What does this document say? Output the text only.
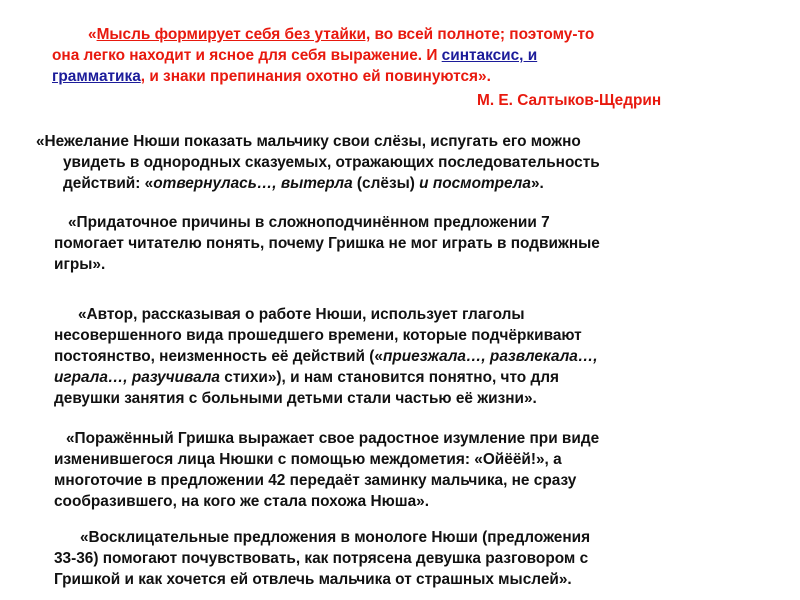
«Мысль формирует себя без утайки, во всей полноте; поэтому-то
она легко находит и ясное для себя выражение. И синтаксис, и
грамматика, и знаки препинания охотно ей повинуются».
М. Е. Салтыков-Щедрин
«Нежелание Нюши показать мальчику свои слёзы, испугать его можно
увидеть в однородных сказуемых, отражающих последовательность
действий: «отвернулась…, вытерла (слёзы) и посмотрела».
«Придаточное причины в сложноподчинённом предложении 7
помогает читателю понять, почему Гришка не мог играть в подвижные
игры».
«Автор, рассказывая о работе Нюши, использует глаголы
несовершенного вида прошедшего времени, которые подчёркивают
постоянство, неизменность её действий («приезжала…, развлекала…,
играла…, разучивала стихи»), и нам становится понятно, что для
девушки занятия с больными детьми стали частью её жизни».
«Поражённый Гришка выражает свое радостное изумление при виде
изменившегося лица Нюшки с помощью междометия: «Ойёёй!», а
многоточие в предложении 42 передаёт заминку мальчика, не сразу
сообразившего, на кого же стала похожа Нюша».
«Восклицательные предложения в монологе Нюши (предложения
33-36) помогают почувствовать, как потрясена девушка разговором с
Гришкой и как хочется ей отвлечь мальчика от страшных мыслей».
